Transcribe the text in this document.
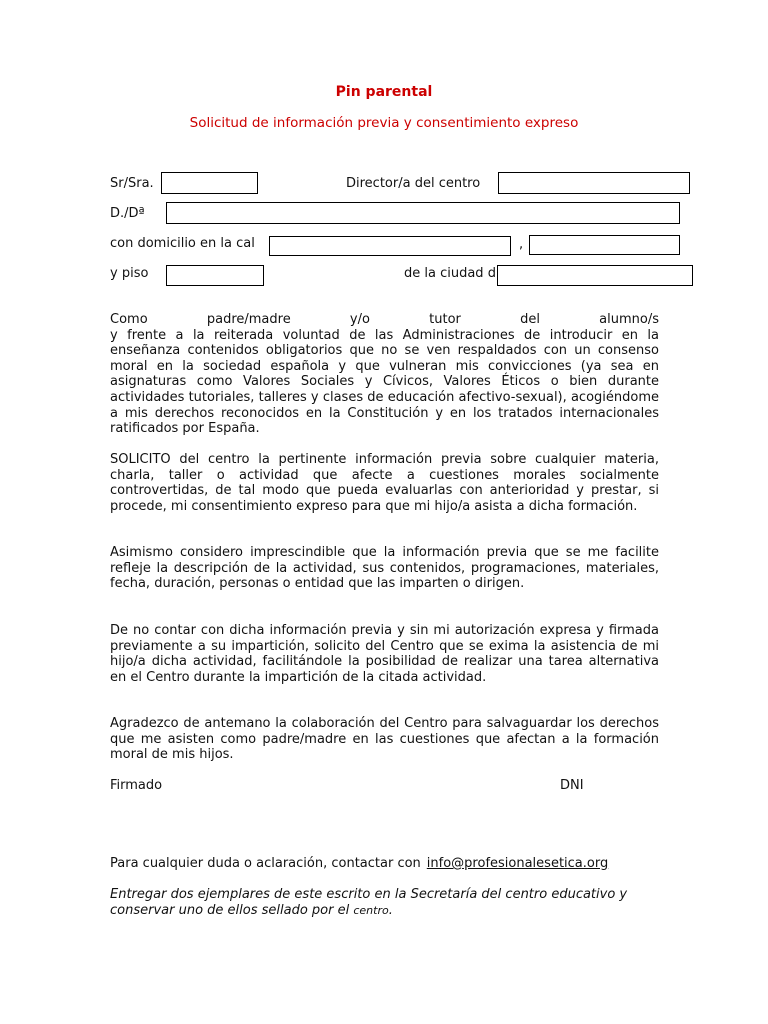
Pin parental
Solicitud de información previa y consentimiento expreso
Sr/Sra.	Director/a del centro
D./Dª
con domicilio en la cal	,
y piso	de la ciudad d

Como padre/madre y/o tutor del alumno/s

y frente a la reiterada voluntad de las Administraciones de introducir en la enseñanza contenidos obligatorios que no se ven respaldados con un consenso moral en la sociedad española y que vulneran mis convicciones (ya sea en asignaturas como Valores Sociales y Cívicos, Valores Éticos o bien durante actividades tutoriales, talleres y clases de educación afectivo-sexual), acogiéndome a mis derechos reconocidos en la Constitución y en los tratados internacionales ratificados por España.

SOLICITO del centro la pertinente información previa sobre cualquier materia, charla, taller o actividad que afecte a cuestiones morales socialmente controvertidas, de tal modo que pueda evaluarlas con anterioridad y prestar, si procede, mi consentimiento expreso para que mi hijo/a asista a dicha formación.
Asimismo considero imprescindible que la información previa que se me facilite refleje la descripción de la actividad, sus contenidos, programaciones, materiales, fecha, duración, personas o entidad que las imparten o dirigen.
De no contar con dicha información previa y sin mi autorización expresa y firmada previamente a su impartición, solicito del Centro que se exima la asistencia de mi hijo/a dicha actividad, facilitándole la posibilidad de realizar una tarea alternativa en el Centro durante la impartición de la citada actividad.
Agradezco de antemano la colaboración del Centro para salvaguardar los derechos que me asisten como padre/madre en las cuestiones que afectan a la formación moral de mis hijos.
Firmado	DNI
Para cualquier duda o aclaración, contactar con info@profesionalesetica.org
Entregar dos ejemplares de este escrito en la Secretaría del centro educativo y conservar uno de ellos sellado por el centro.
